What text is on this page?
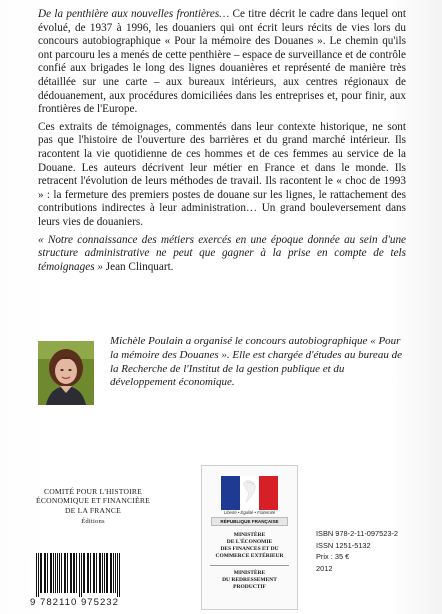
De la penthière aux nouvelles frontières… Ce titre décrit le cadre dans lequel ont évolué, de 1937 à 1996, les douaniers qui ont écrit leurs récits de vies lors du concours autobiographique « Pour la mémoire des Douanes ». Le chemin qu'ils ont parcouru les a menés de cette penthière – espace de surveillance et de contrôle confié aux brigades le long des lignes douanières et représenté de manière très détaillée sur une carte – aux bureaux intérieurs, aux centres régionaux de dédouanement, aux procédures domiciliées dans les entreprises et, pour finir, aux frontières de l'Europe.

Ces extraits de témoignages, commentés dans leur contexte historique, ne sont pas que l'histoire de l'ouverture des barrières et du grand marché intérieur. Ils racontent la vie quotidienne de ces hommes et de ces femmes au service de la Douane. Les auteurs décrivent leur métier en France et dans le monde. Ils retracent l'évolution de leurs méthodes de travail. Ils racontent le « choc de 1993 » : la fermeture des premiers postes de douane sur les lignes, le rattachement des contributions indirectes à leur administration… Un grand bouleversement dans leurs vies de douaniers.

« Notre connaissance des métiers exercés en une époque donnée au sein d'une structure administrative ne peut que gagner à la prise en compte de tels témoignages » Jean Clinquart.

Michèle Poulain a organisé le concours autobiographique « Pour la mémoire des Douanes ». Elle est chargée d'études au bureau de la Recherche de l'Institut de la gestion publique et du développement économique.
COMITÉ POUR L'HISTOIRE
ÉCONOMIQUE ET FINANCIÈRE
DE LA FRANCE
Éditions
Liberté • Égalité • Fraternité
RÉPUBLIQUE FRANÇAISE
MINISTÈRE
DE L'ÉCONOMIE
DES FINANCES ET DU
COMMERCE EXTÉRIEUR
MINISTÈRE
DU REDRESSEMENT
PRODUCTIF
ISBN 978-2-11-097523-2
ISSN 1251-5132
Prix : 35 €
2012
9 782110 975232
